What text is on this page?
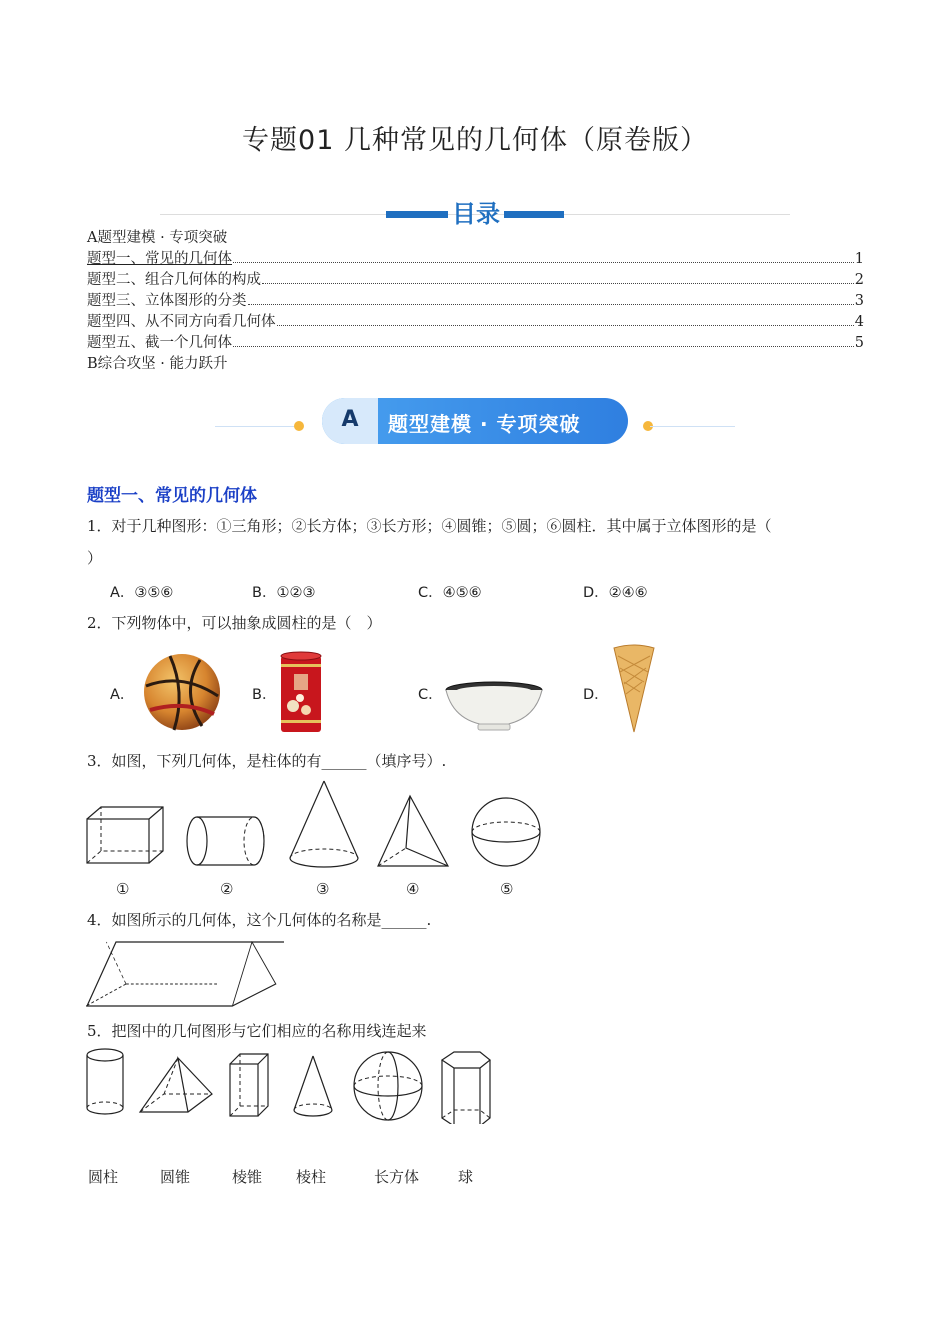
专题01 几种常见的几何体（原卷版）
目录
A题型建模 · 专项突破
题型一、常见的几何体	1
题型二、组合几何体的构成	2
题型三、立体图形的分类	3
题型四、从不同方向看几何体	4
题型五、截一个几何体	5
B综合攻坚 · 能力跃升
A	题型建模 · 专项突破
题型一、常见的几何体
1．对于几种图形：①三角形；②长方体；③长方形；④圆锥；⑤圆；⑥圆柱．其中属于立体图形的是（
）
A．③⑤⑥	B．①②③	C．④⑤⑥	D．②④⑥
2．下列物体中，可以抽象成圆柱的是（　）
A．	B．	C．	D．
3．如图，下列几何体，是柱体的有______（填序号）.
①	②	③	④	⑤
4．如图所示的几何体，这个几何体的名称是______.
5．把图中的几何图形与它们相应的名称用线连起来
圆柱	圆锥	棱锥 棱柱	长方体	球
